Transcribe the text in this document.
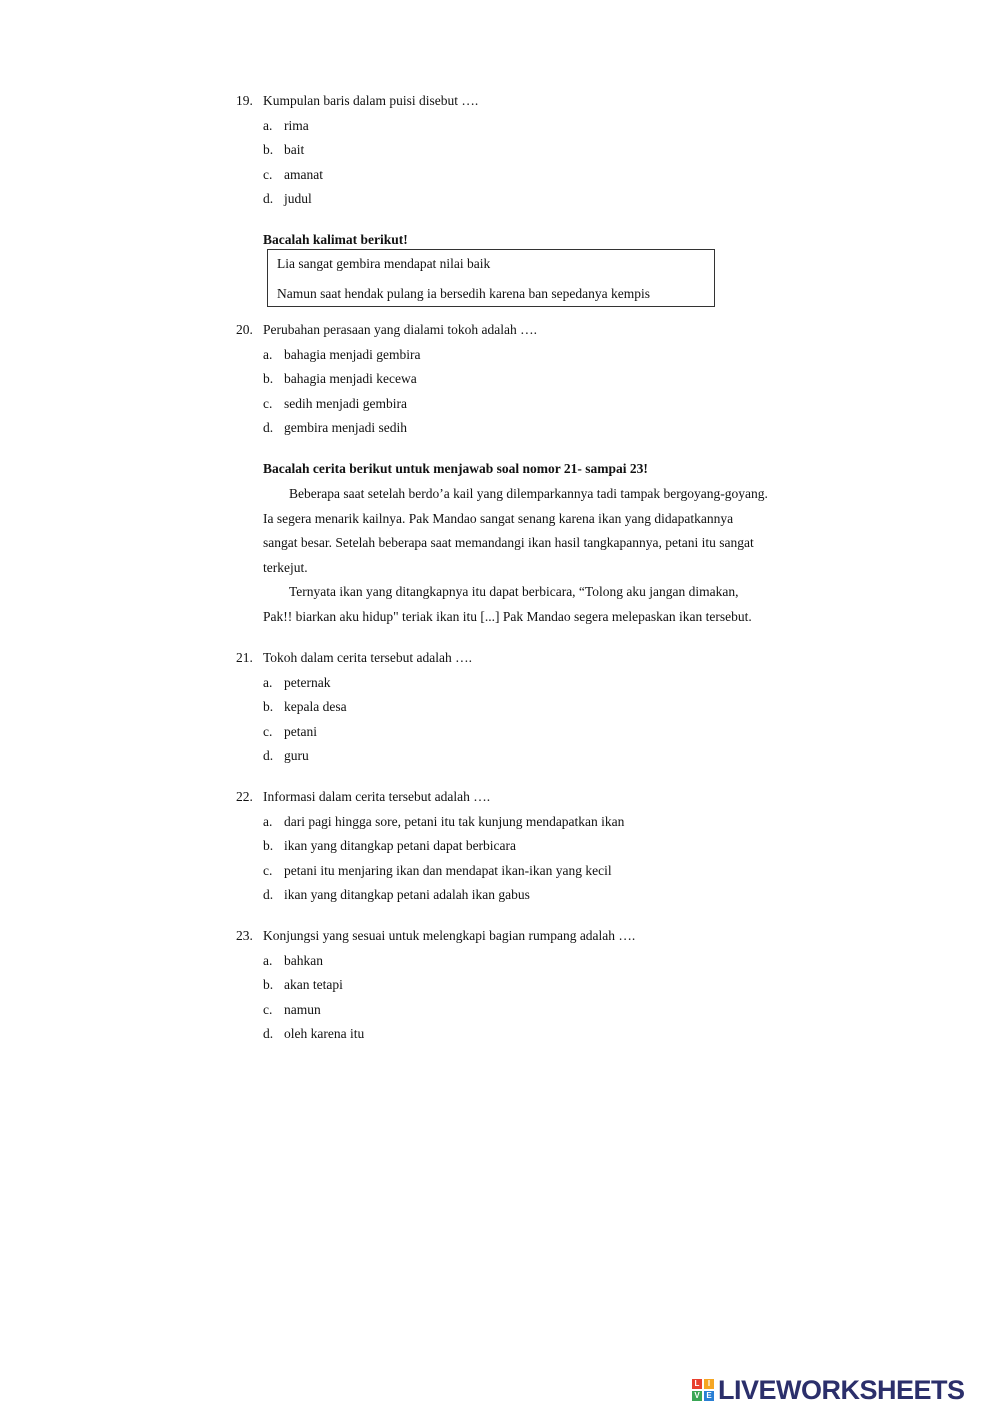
19. Kumpulan baris dalam puisi disebut ….
a. rima
b. bait
c. amanat
d. judul
Bacalah kalimat berikut!
Lia sangat gembira mendapat nilai baik
Namun saat hendak pulang ia bersedih karena ban sepedanya kempis
20. Perubahan perasaan yang dialami tokoh adalah ….
a. bahagia menjadi gembira
b. bahagia menjadi kecewa
c. sedih menjadi gembira
d. gembira menjadi sedih
Bacalah cerita berikut untuk menjawab soal nomor 21- sampai 23!
Beberapa saat setelah berdo’a kail yang dilemparkannya tadi tampak bergoyang-goyang.
Ia segera menarik kailnya. Pak Mandao sangat senang karena ikan yang didapatkannya
sangat besar. Setelah beberapa saat memandangi ikan hasil tangkapannya, petani itu sangat
terkejut.
Ternyata ikan yang ditangkapnya itu dapat berbicara, “Tolong aku jangan dimakan,
Pak!! biarkan aku hidup" teriak ikan itu [...] Pak Mandao segera melepaskan ikan tersebut.
21. Tokoh dalam cerita tersebut adalah ….
a. peternak
b. kepala desa
c. petani
d. guru
22. Informasi dalam cerita tersebut adalah ….
a. dari pagi hingga sore, petani itu tak kunjung mendapatkan ikan
b. ikan yang ditangkap petani dapat berbicara
c. petani itu menjaring ikan dan mendapat ikan-ikan yang kecil
d. ikan yang ditangkap petani adalah ikan gabus
23. Konjungsi yang sesuai untuk melengkapi bagian rumpang adalah ….
a. bahkan
b. akan tetapi
c. namun
d. oleh karena itu
L	I
V E LIVEWORKSHEETS
